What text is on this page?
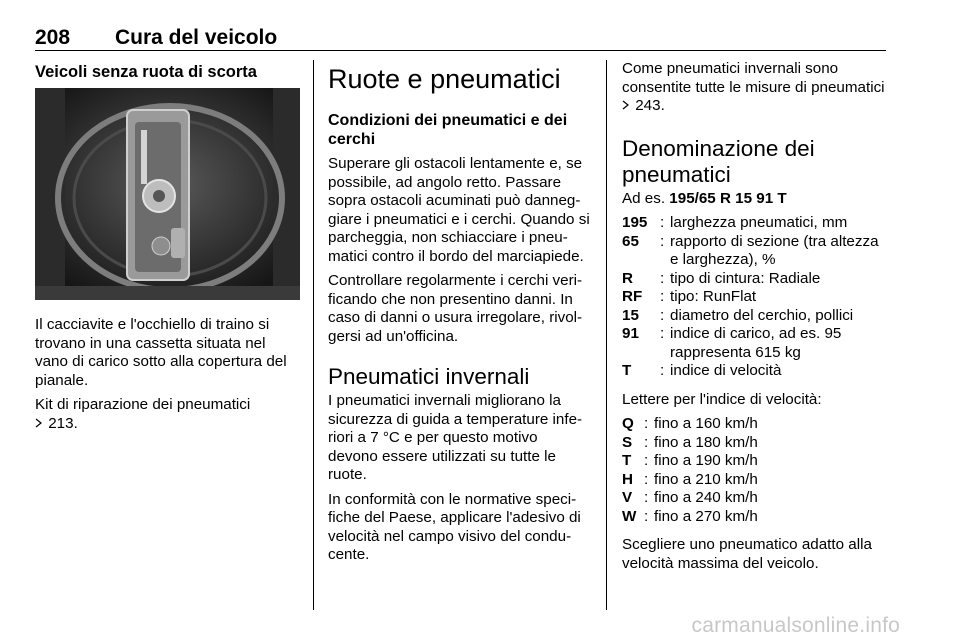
208 Cura del veicolo
Veicoli senza ruota di scorta

Il cacciavite e l'occhiello di traino si trovano in una cassetta situata nel vano di carico sotto alla copertura del pianale.

Kit di riparazione dei pneumatici
213.

Ruote e pneumatici
Condizioni dei pneumatici e dei cerchi

Superare gli ostacoli lentamente e, se possibile, ad angolo retto. Passare sopra ostacoli acuminati può danneggiare i pneumatici e i cerchi. Quando si parcheggia, non schiacciare i pneumatici contro il bordo del marciapiede.

Controllare regolarmente i cerchi verificando che non presentino danni. In caso di danni o usura irregolare, rivolgersi ad un'officina.

Pneumatici invernali

I pneumatici invernali migliorano la sicurezza di guida a temperature inferiori a 7 °C e per questo motivo devono essere utilizzati su tutte le ruote.

In conformità con le normative specifiche del Paese, applicare l'adesivo di velocità nel campo visivo del conducente.

Come pneumatici invernali sono consentite tutte le misure di pneumatici  243.

Denominazione dei pneumatici

Ad es. 195/65 R 15 91 T

195 : larghezza pneumatici, mm
65	: rapporto di sezione (tra altezza e larghezza), %
R	: tipo di cintura: Radiale
RF	: tipo: RunFlat
15	: diametro del cerchio, pollici
91	: indice di carico, ad es. 95 rappresenta 615 kg
T	: indice di velocità

Lettere per l'indice di velocità:

Q : fino a 160 km/h
S : fino a 180 km/h
T : fino a 190 km/h
H : fino a 210 km/h
V : fino a 240 km/h
W : fino a 270 km/h

Scegliere uno pneumatico adatto alla velocità massima del veicolo.

carmanualsonline.info
